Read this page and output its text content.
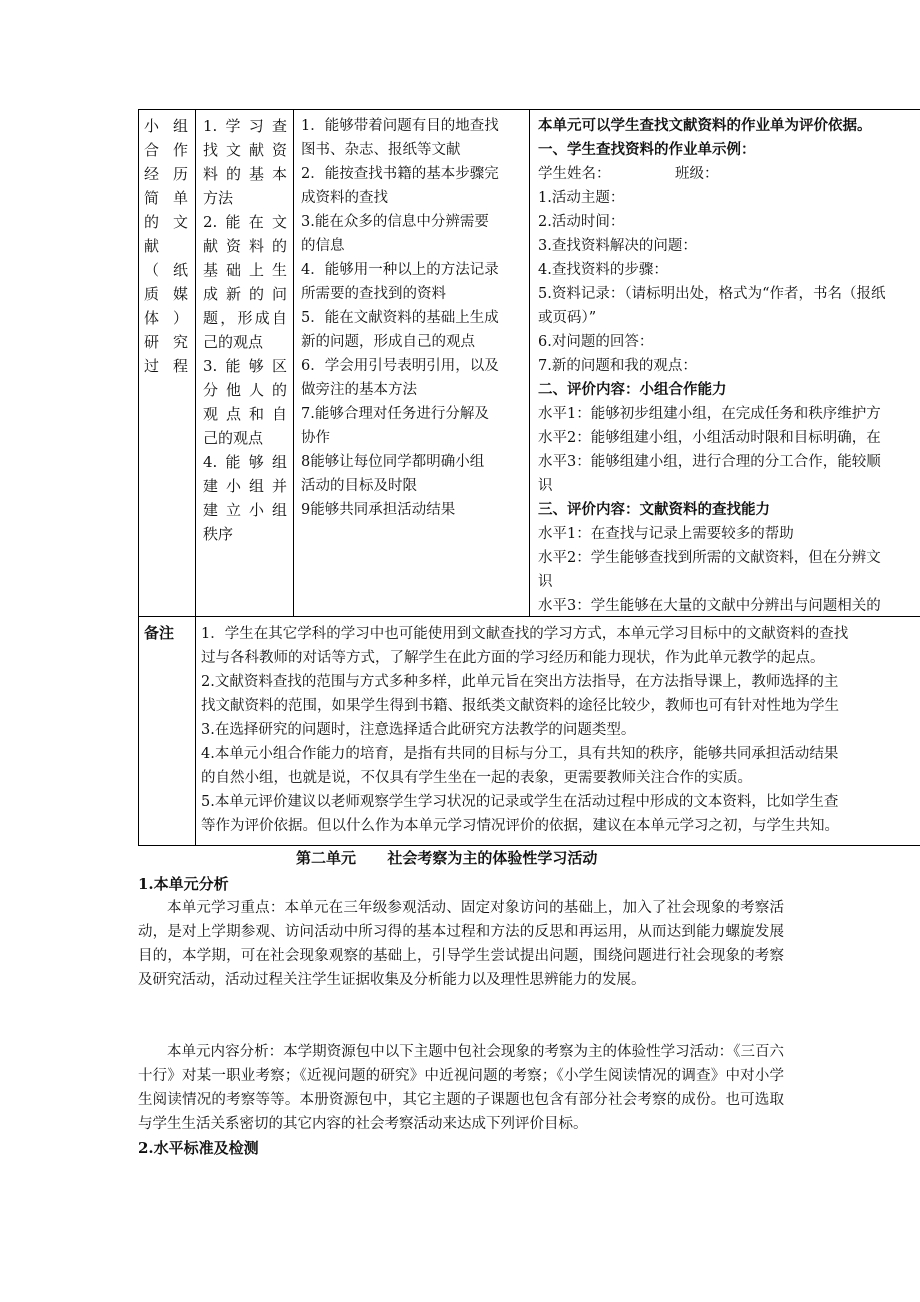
小组
合作
经历
简单
的文
献
（纸
质媒
体）
研究
过程
1.学习查
找文献资
料的基本
方法
2.能在文
献资料的
基础上生
成新的问
题，形成自
己的观点
3.能够区
分他人的
观点和自
己的观点
4.能够组
建小组并
建立小组
秩序
1．能够带着问题有目的地查找
图书、杂志、报纸等文献
2．能按查找书籍的基本步骤完
成资料的查找
3.能在众多的信息中分辨需要
的信息
4．能够用一种以上的方法记录
所需要的查找到的资料
5．能在文献资料的基础上生成
新的问题，形成自己的观点
6．学会用引号表明引用，以及
做旁注的基本方法
7.能够合理对任务进行分解及
协作
8能够让每位同学都明确小组
活动的目标及时限
9能够共同承担活动结果
本单元可以学生查找文献资料的作业单为评价依据。
一、学生查找资料的作业单示例：
学生姓名：              班级：
1.活动主题：
2.活动时间：
3.查找资料解决的问题：
4.查找资料的步骤：
5.资料记录：（请标明出处，格式为“作者，书名（报纸
或页码）”
6.对问题的回答：
7.新的问题和我的观点：
二、评价内容：小组合作能力
水平1：能够初步组建小组，在完成任务和秩序维护方
水平2：能够组建小组，小组活动时限和目标明确，在
水平3：能够组建小组，进行合理的分工合作，能较顺
识
三、评价内容：文献资料的查找能力
水平1：在查找与记录上需要较多的帮助
水平2：学生能够查找到所需的文献资料，但在分辨文
识
水平3：学生能够在大量的文献中分辨出与问题相关的
备注	1．学生在其它学科的学习中也可能使用到文献查找的学习方式，本单元学习目标中的文献资料的查找
过与各科教师的对话等方式，了解学生在此方面的学习经历和能力现状，作为此单元教学的起点。
2.文献资料查找的范围与方式多种多样，此单元旨在突出方法指导，在方法指导课上，教师选择的主
找文献资料的范围，如果学生得到书籍、报纸类文献资料的途径比较少，教师也可有针对性地为学生
3.在选择研究的问题时，注意选择适合此研究方法教学的问题类型。
4.本单元小组合作能力的培育，是指有共同的目标与分工，具有共知的秩序，能够共同承担活动结果
的自然小组，也就是说，不仅具有学生坐在一起的表象，更需要教师关注合作的实质。
5.本单元评价建议以老师观察学生学习状况的记录或学生在活动过程中形成的文本资料，比如学生查
等作为评价依据。但以什么作为本单元学习情况评价的依据，建议在本单元学习之初，与学生共知。
第二单元      社会考察为主的体验性学习活动
1.本单元分析
本单元学习重点：本单元在三年级参观活动、固定对象访问的基础上，加入了社会现象的考察活动，是对上学期参观、访问活动中所习得的基本过程和方法的反思和再运用，从而达到能力螺旋发展目的，本学期，可在社会现象观察的基础上，引导学生尝试提出问题，围绕问题进行社会现象的考察及研究活动，活动过程关注学生证据收集及分析能力以及理性思辨能力的发展。
本单元内容分析：本学期资源包中以下主题中包社会现象的考察为主的体验性学习活动：《三百六十行》对某一职业考察；《近视问题的研究》中近视问题的考察；《小学生阅读情况的调查》中对小学生阅读情况的考察等等。本册资源包中，其它主题的子课题也包含有部分社会考察的成份。也可选取与学生生活关系密切的其它内容的社会考察活动来达成下列评价目标。
2.水平标准及检测
